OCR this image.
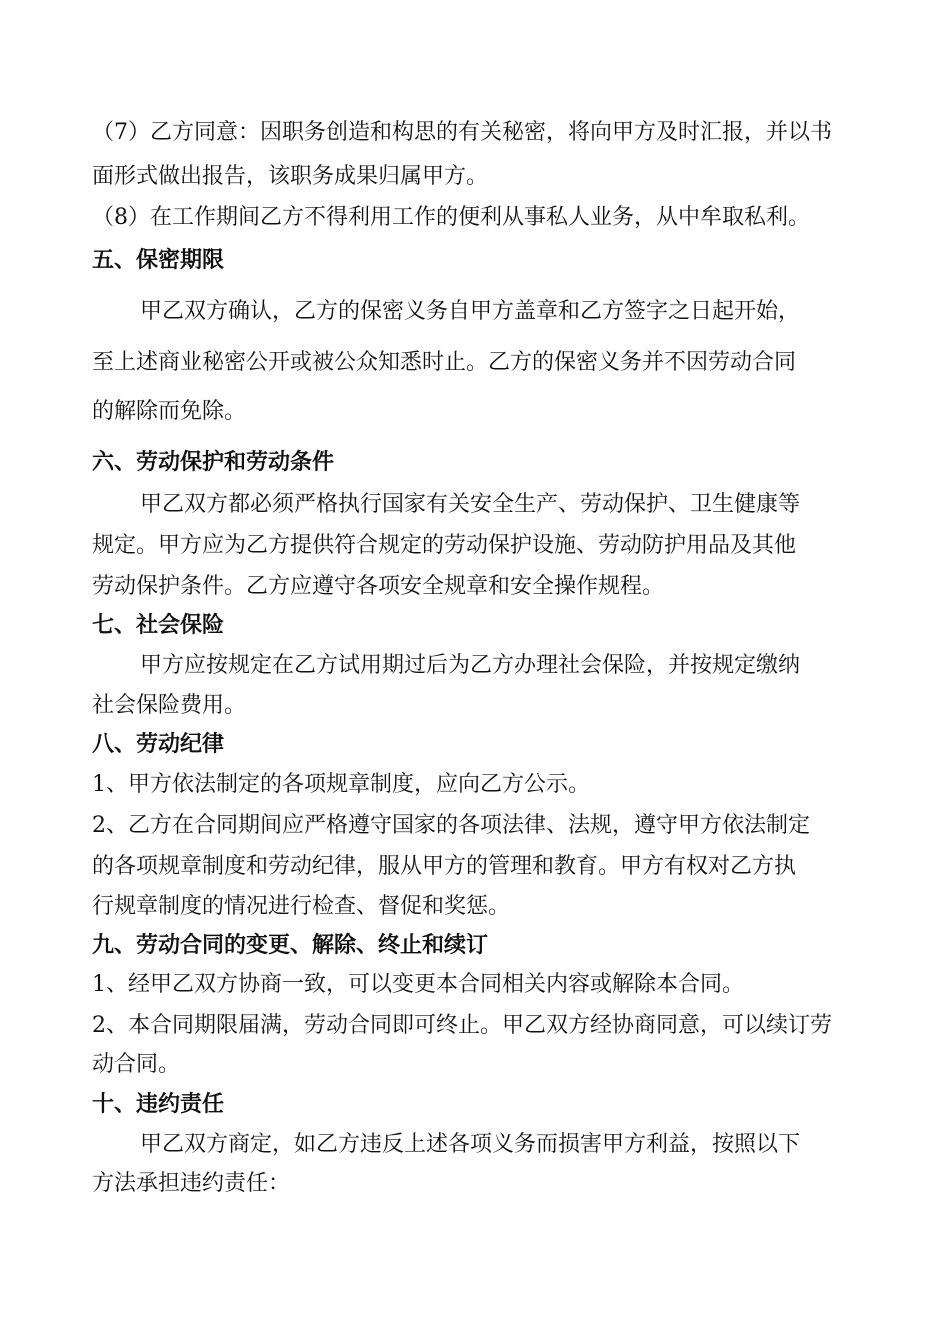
（7）乙方同意：因职务创造和构思的有关秘密，将向甲方及时汇报，并以书
面形式做出报告，该职务成果归属甲方。
（8）在工作期间乙方不得利用工作的便利从事私人业务，从中牟取私利。
五、保密期限
甲乙双方确认，乙方的保密义务自甲方盖章和乙方签字之日起开始，
至上述商业秘密公开或被公众知悉时止。乙方的保密义务并不因劳动合同
的解除而免除。
六、劳动保护和劳动条件
甲乙双方都必须严格执行国家有关安全生产、劳动保护、卫生健康等
规定。甲方应为乙方提供符合规定的劳动保护设施、劳动防护用品及其他
劳动保护条件。乙方应遵守各项安全规章和安全操作规程。
七、社会保险
甲方应按规定在乙方试用期过后为乙方办理社会保险，并按规定缴纳
社会保险费用。
八、劳动纪律
1、甲方依法制定的各项规章制度，应向乙方公示。
2、乙方在合同期间应严格遵守国家的各项法律、法规，遵守甲方依法制定
的各项规章制度和劳动纪律，服从甲方的管理和教育。甲方有权对乙方执
行规章制度的情况进行检查、督促和奖惩。
九、劳动合同的变更、解除、终止和续订
1、经甲乙双方协商一致，可以变更本合同相关内容或解除本合同。
2、本合同期限届满，劳动合同即可终止。甲乙双方经协商同意，可以续订劳
动合同。
十、违约责任
甲乙双方商定，如乙方违反上述各项义务而损害甲方利益，按照以下
方法承担违约责任：
